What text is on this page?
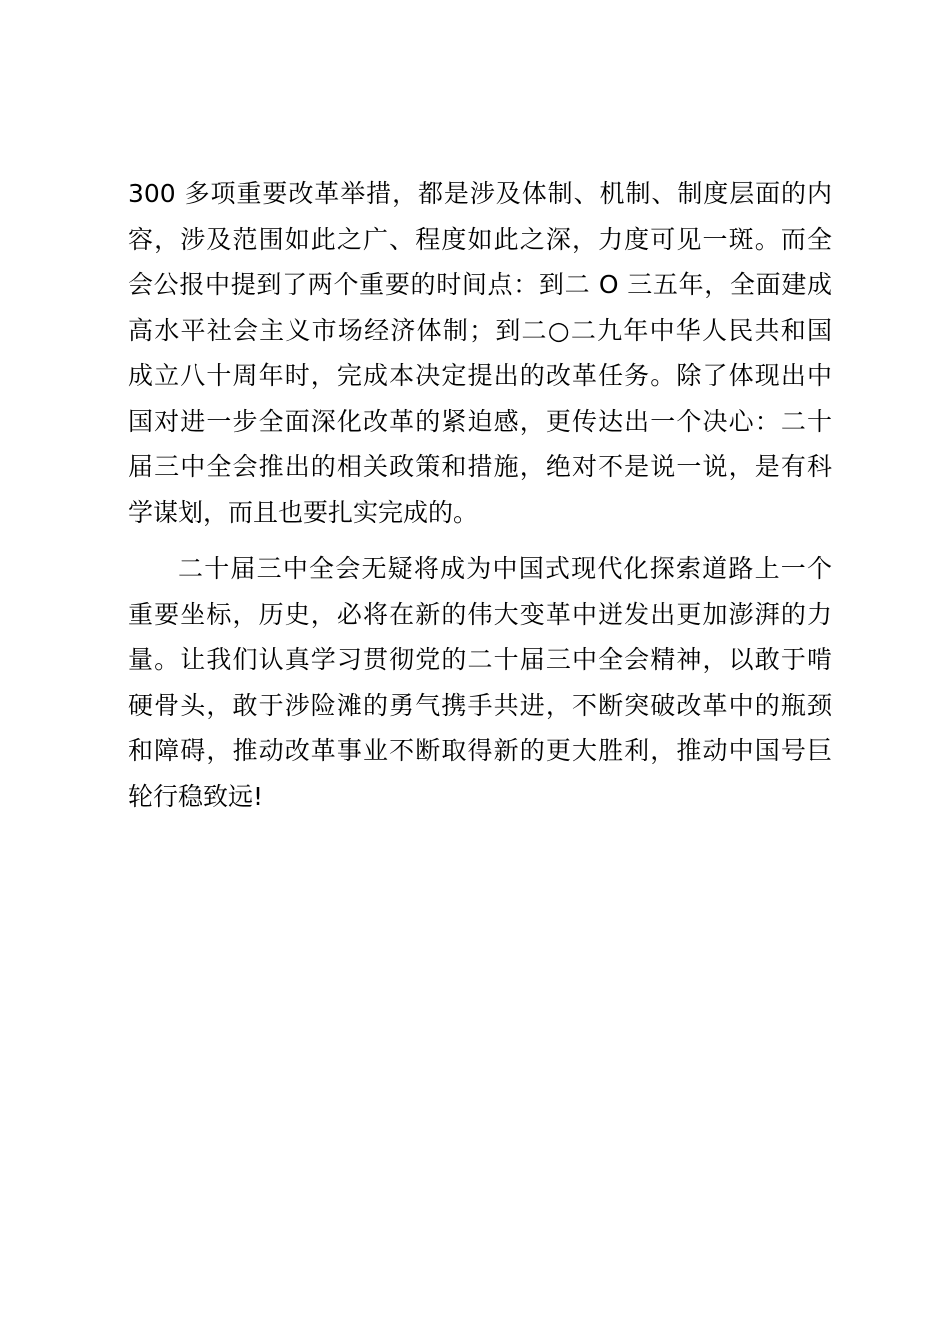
300 多项重要改革举措，都是涉及体制、机制、制度层面的内
容，涉及范围如此之广、程度如此之深，力度可见一斑。而全
会公报中提到了两个重要的时间点：到二 O 三五年，全面建成
高水平社会主义市场经济体制；到二○二九年中华人民共和国
成立八十周年时，完成本决定提出的改革任务。除了体现出中
国对进一步全面深化改革的紧迫感，更传达出一个决心：二十
届三中全会推出的相关政策和措施，绝对不是说一说，是有科
学谋划，而且也要扎实完成的。
二十届三中全会无疑将成为中国式现代化探索道路上一个
重要坐标，历史，必将在新的伟大变革中迸发出更加澎湃的力
量。让我们认真学习贯彻党的二十届三中全会精神，以敢于啃
硬骨头，敢于涉险滩的勇气携手共进，不断突破改革中的瓶颈
和障碍，推动改革事业不断取得新的更大胜利，推动中国号巨
轮行稳致远!
